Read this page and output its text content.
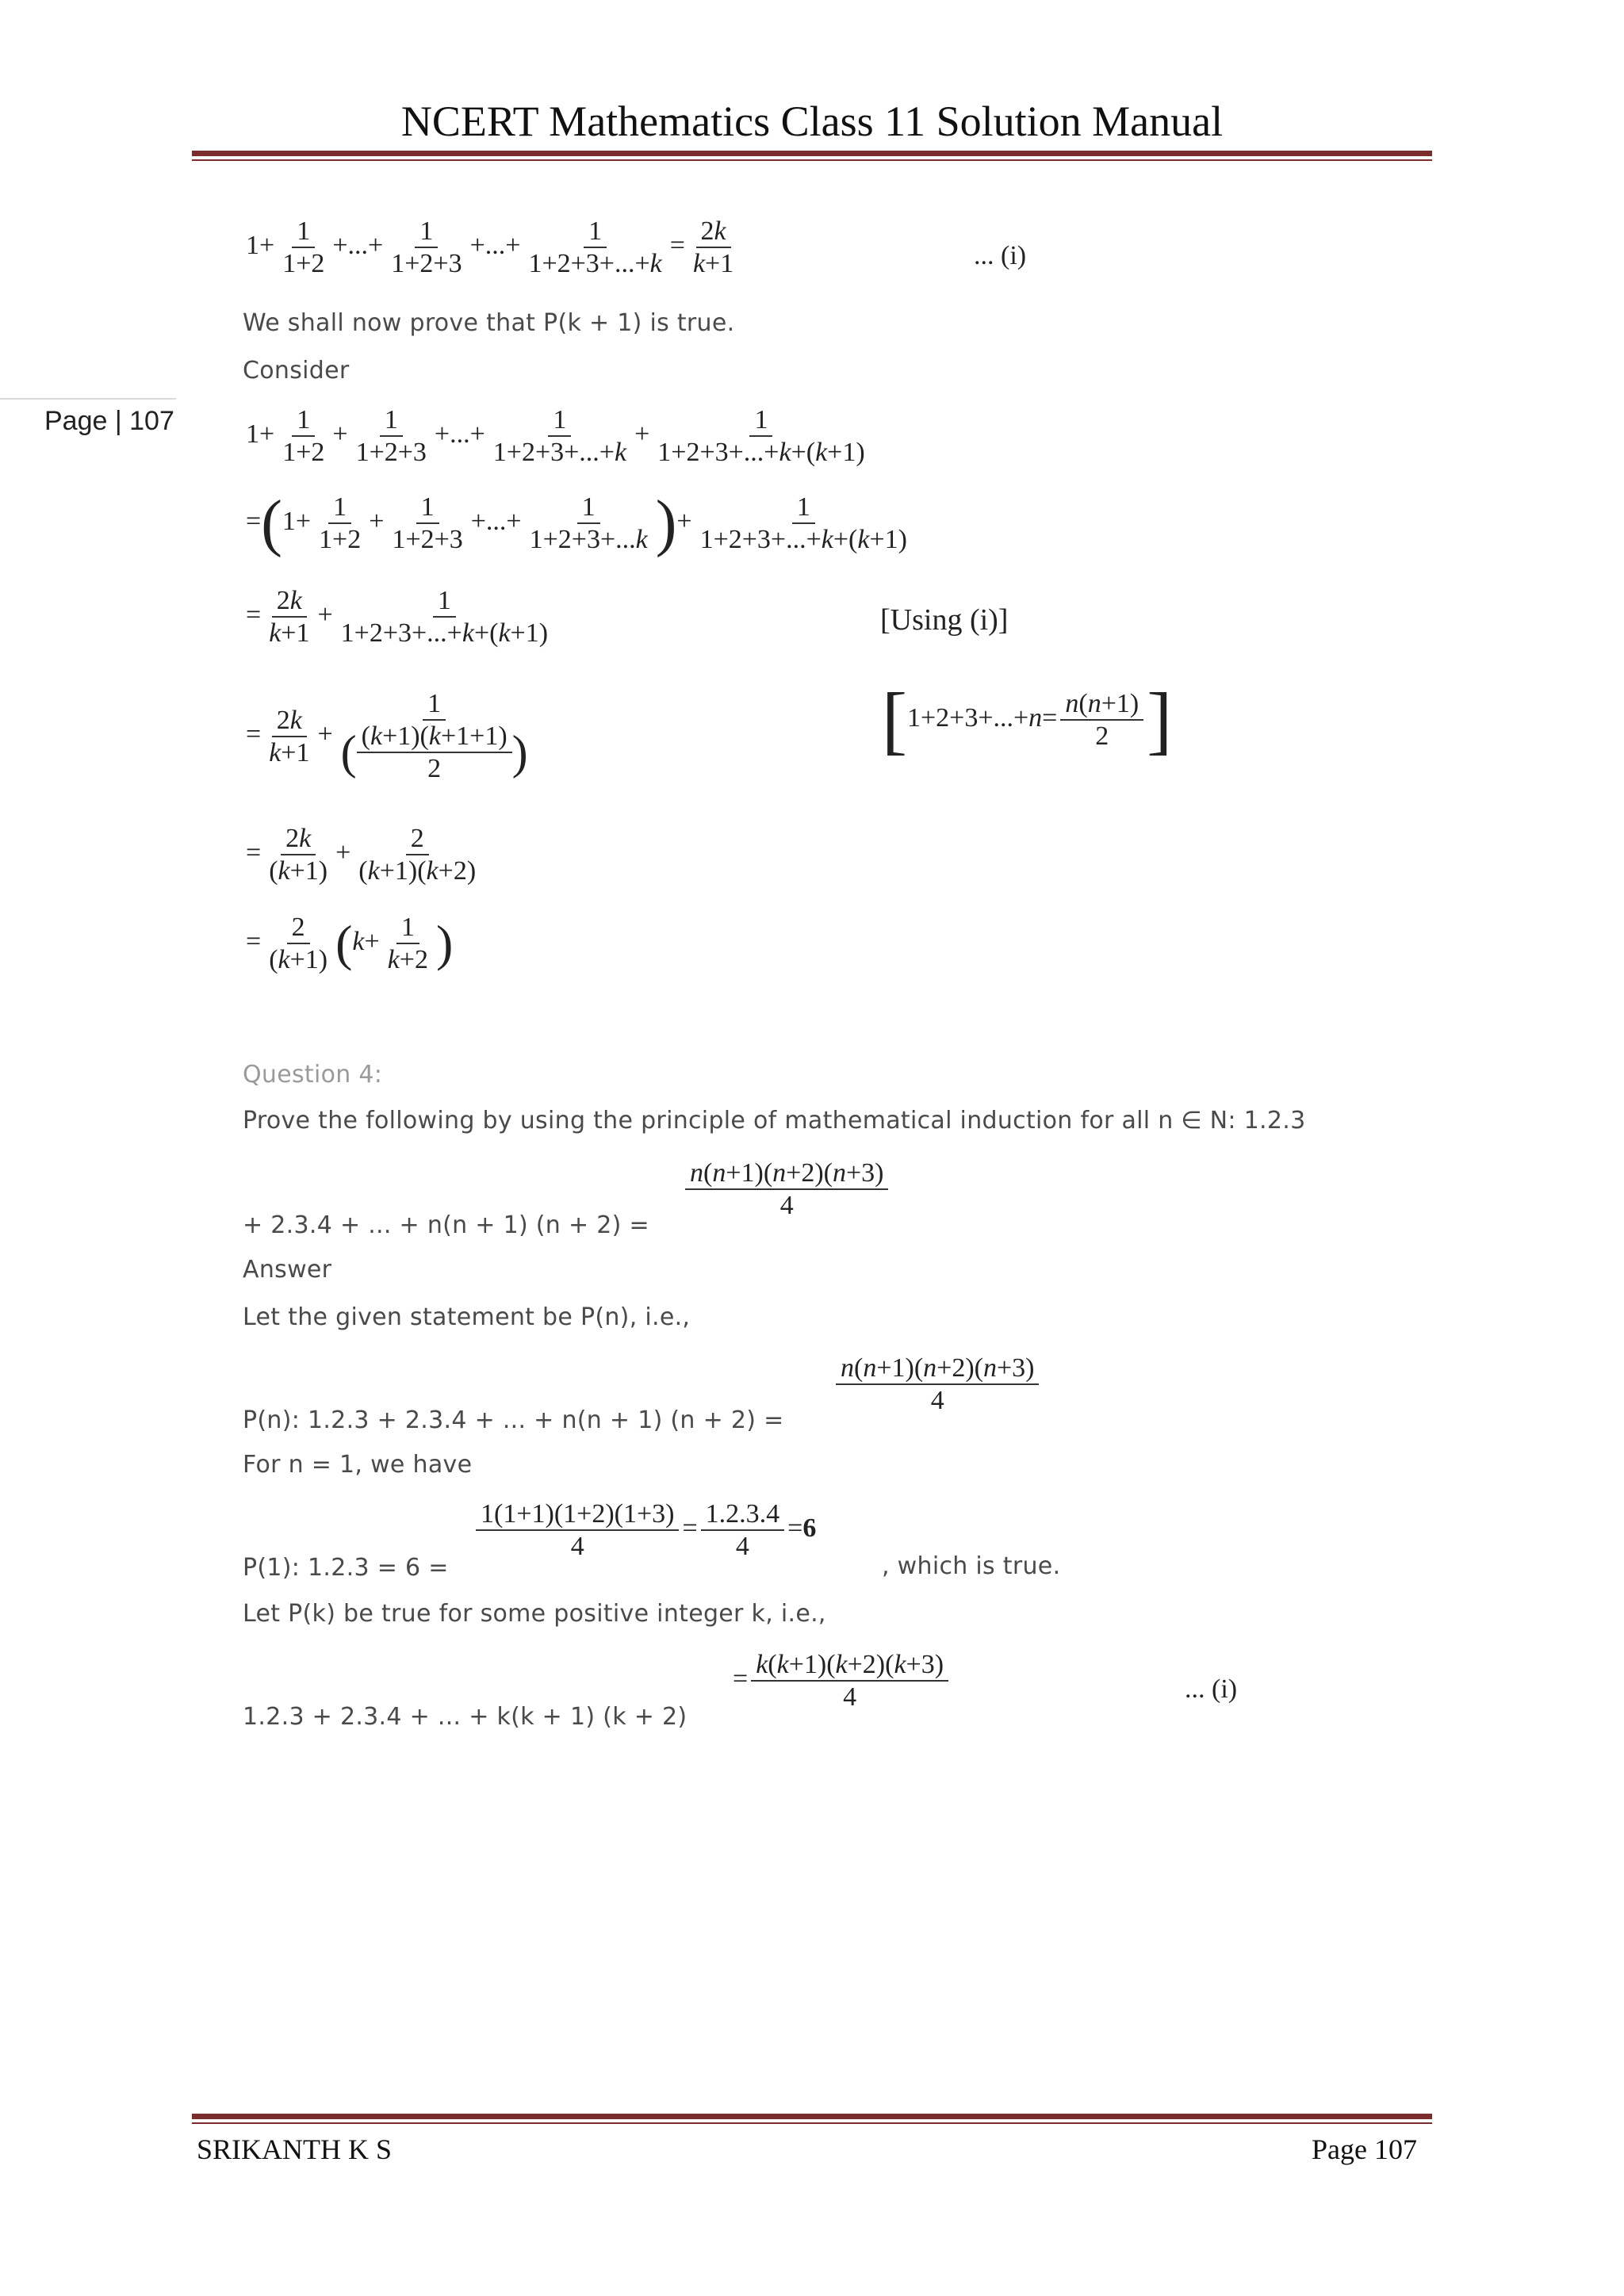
NCERT Mathematics Class 11 Solution Manual
Page | 107
$1+ \frac{1}{1+2}$ +...+ $\frac{1}{1+2+3}$ +...+ $\frac{1}{1+2+3+...+k} = \frac{2k}{k+1}$	... (i)
We shall now prove that P(k + 1) is true.
Consider
$1+ \frac{1}{1+2} + \frac{1}{1+2+3}$ +...+ $\frac{1}{1+2+3+...+k} + \frac{1}{1+2+3+...+k+(k+1)}$
$=(1+ \frac{1}{1+2} + \frac{1}{1+2+3}$ +...+ $\frac{1}{1+2+3+...k}$ )+ $\frac{1}{1+2+3+...+k+(k+1)}$
= $\frac{2k}{k+1} + \frac{1}{1+2+3+...+k+(k+1)}$	[Using (i)]
= $\frac{2k}{k+1} + \frac{1}{( \frac{(k+1)(k+1+1)}{2} )}$	[$1+2+3+...+n= \frac{n(n+1)}{2}$ ]
= $\frac{2k}{(k+1)} + \frac{2}{(k+1)(k+2)}$
= $\frac{2}{(k+1)} (k+ \frac{1}{k+2}$ )
Question 4:
Prove the following by using the principle of mathematical induction for all n ∈ N: 1.2.3
$\frac{n(n+1)(n+2)(n+3)}{4}$
+ 2.3.4 + ... + n(n + 1) (n + 2) =
Answer
Let the given statement be P(n), i.e.,
$\frac{n(n+1)(n+2)(n+3)}{4}$
P(n): 1.2.3 + 2.3.4 + ... + n(n + 1) (n + 2) =
For n = 1, we have
$\frac{1(1+1)(1+2)(1+3)}{4} = \frac{1.2.3.4}{4} =6$
P(1): 1.2.3 = 6 =	, which is true.
Let P(k) be true for some positive integer k, i.e.,
= $\frac{k(k+1)(k+2)(k+3)}{4}$	... (i)
1.2.3 + 2.3.4 + ... + k(k + 1) (k + 2)
SRIKANTH K S	Page 107
